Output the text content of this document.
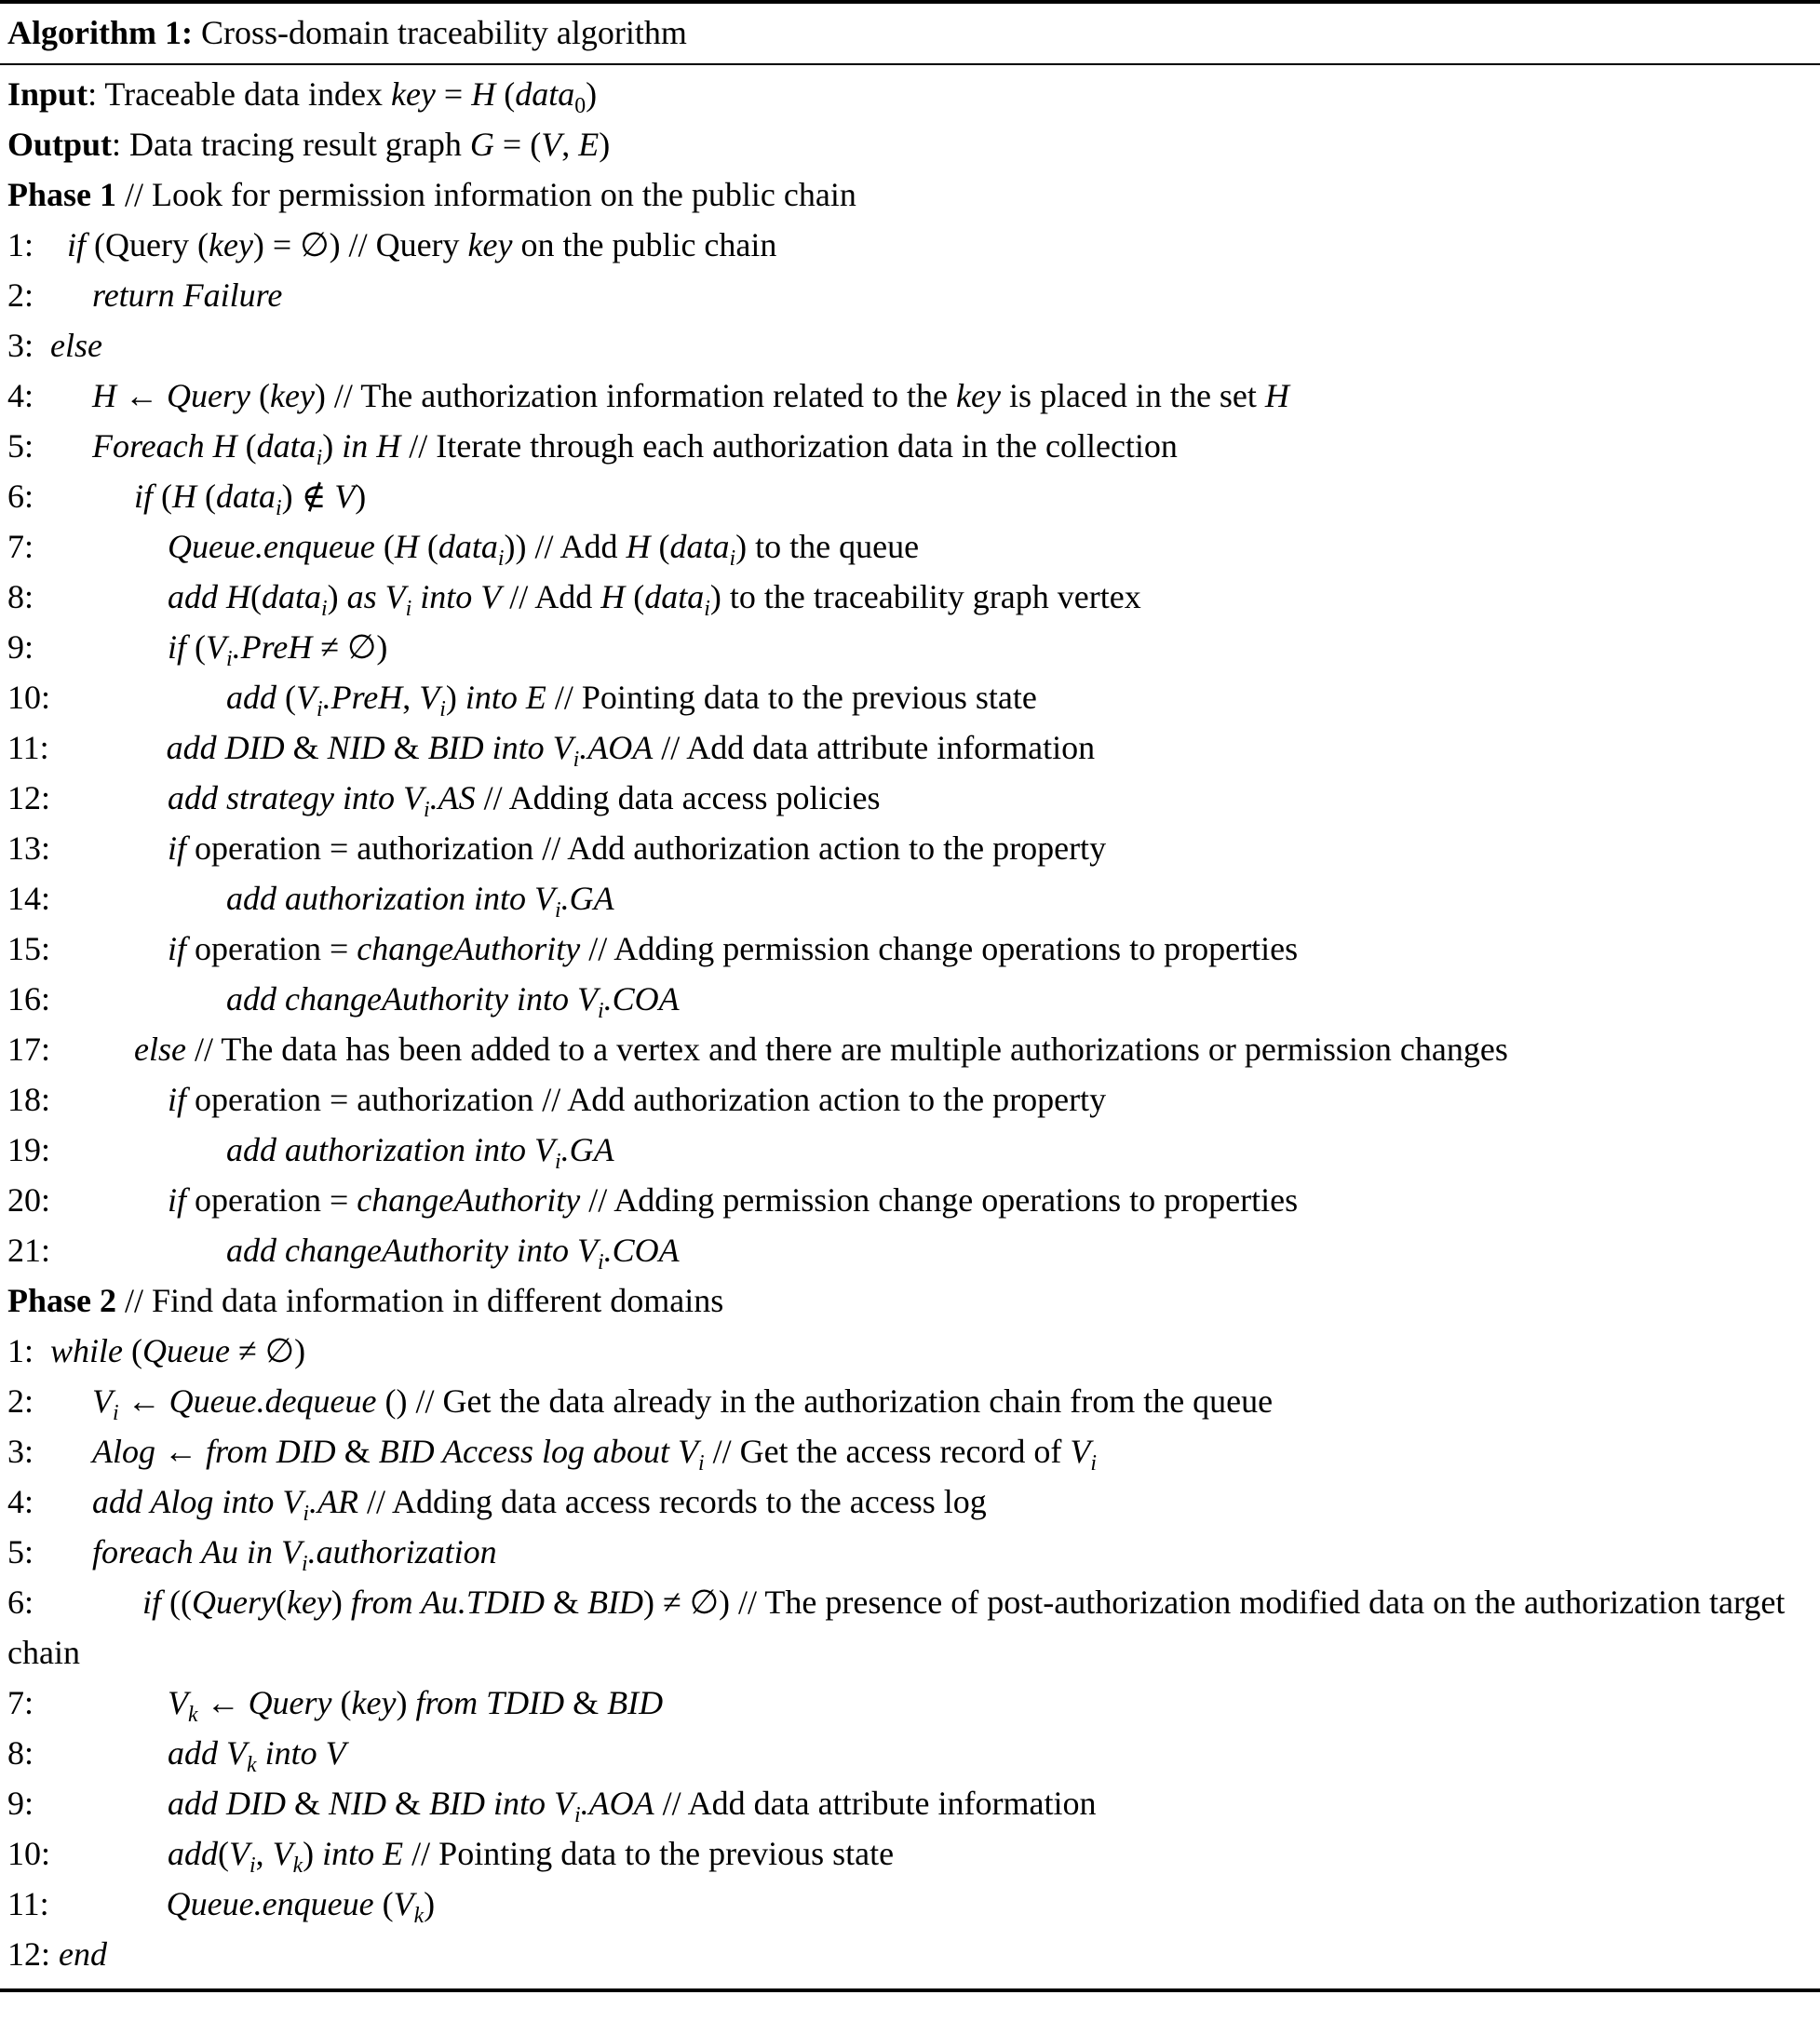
Algorithm 1: Cross-domain traceability algorithm
Input: Traceable data index key = H (data$_0$)
Output: Data tracing result graph G = (V, E)
Phase 1 // Look for permission information on the public chain
1: if (Query (key) = ∅) // Query key on the public chain
2: return Failure
3: else
4: H ← Query (key) // The authorization information related to the key is placed in the set H
5: Foreach H (data$_i$) in H // Iterate through each authorization data in the collection
6:	if (H (data$_i$) ∉ V)
7:	Queue.enqueue (H (data$_i$)) // Add H (data$_i$) to the queue
8:	add H(data$_i$) as $V_i$ into V // Add H (data$_i$) to the traceability graph vertex
9:	if ($V_i.PreH$ ≠ ∅)
10:	add ($V_i.PreH$, $V_i$) into E // Pointing data to the previous state
11:	add DID & NID & BID into $V_i.AOA$ // Add data attribute information
12:	add strategy into $V_i.AS$ // Adding data access policies
13:	if operation = authorization // Add authorization action to the property
14:	add authorization into $V_i.GA$
15:	if operation = changeAuthority // Adding permission change operations to properties
16:	add changeAuthority into $V_i.COA$
17:	else // The data has been added to a vertex and there are multiple authorizations or permission changes
18:	if operation = authorization // Add authorization action to the property
19:	add authorization into $V_i.GA$
20:	if operation = changeAuthority // Adding permission change operations to properties
21:	add changeAuthority into $V_i.COA$
Phase 2 // Find data information in different domains
1: while (Queue ≠ ∅)
2: $V_i$ ← Queue.dequeue () // Get the data already in the authorization chain from the queue
3: Alog ← from DID & BID Access log about $V_i$ // Get the access record of $V_i$
4: add Alog into $V_i.AR$ // Adding data access records to the access log
5: foreach Au in $V_i.authorization$
6:	if ((Query(key) from Au.TDID & BID) ≠ ∅) // The presence of post-authorization modified data on the authorization target chain
7:	$V_k$ ← Query (key) from TDID & BID
8:	add $V_k$ into V
9:	add DID & NID & BID into $V_i.AOA$ // Add data attribute information
10:	$add(V_i$, $V_k$) into E // Pointing data to the previous state
11:	Queue.enqueue $(V_k)$
12: end
